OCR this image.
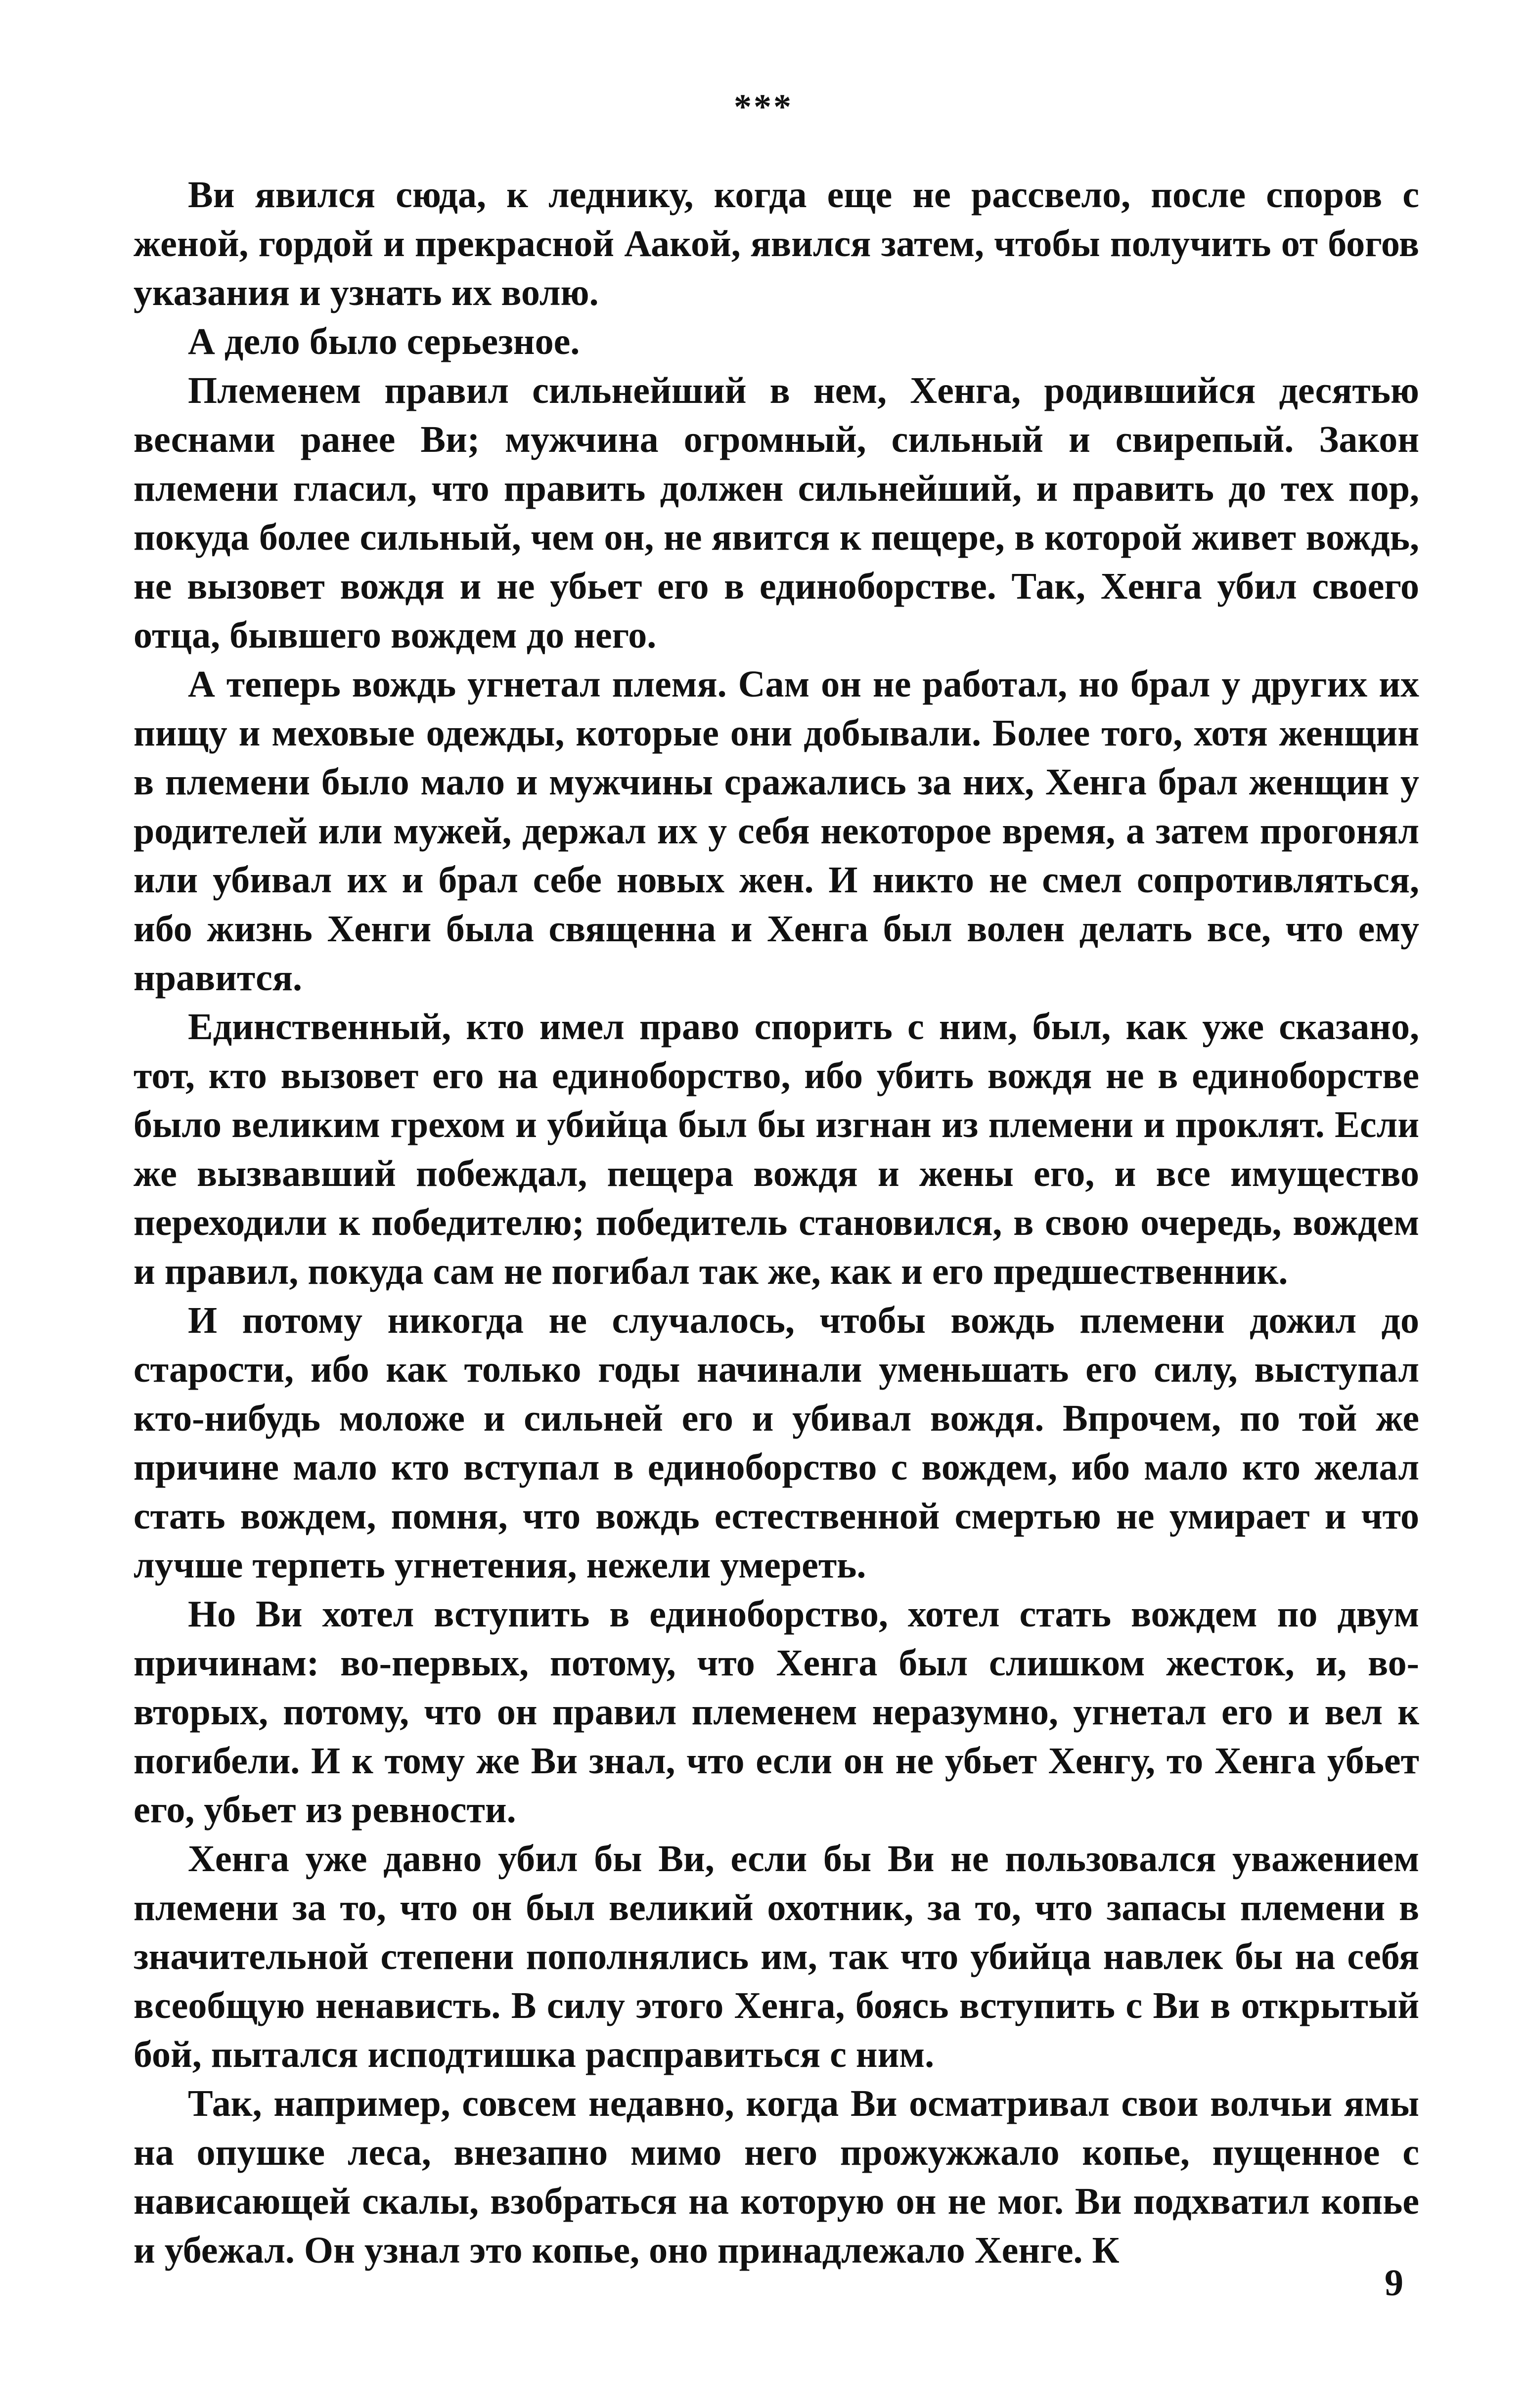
***

Ви явился сюда, к леднику, когда еще не рассвело, после споров с женой, гордой и прекрасной Аакой, явился затем, чтобы получить от богов указания и узнать их волю.

А дело было серьезное.

Племенем правил сильнейший в нем, Хенга, родившийся десятью веснами ранее Ви; мужчина огромный, сильный и свирепый. Закон племени гласил, что править должен сильнейший, и править до тех пор, покуда более сильный, чем он, не явится к пещере, в которой живет вождь, не вызовет вождя и не убьет его в единоборстве. Так, Хенга убил своего отца, бывшего вождем до него.

А теперь вождь угнетал племя. Сам он не работал, но брал у других их пищу и меховые одежды, которые они добывали. Более того, хотя женщин в племени было мало и мужчины сражались за них, Хенга брал женщин у родителей или мужей, держал их у себя некоторое время, а затем прогонял или убивал их и брал себе новых жен. И никто не смел сопротивляться, ибо жизнь Хенги была священна и Хенга был волен делать все, что ему нравится.

Единственный, кто имел право спорить с ним, был, как уже сказано, тот, кто вызовет его на единоборство, ибо убить вождя не в единоборстве было великим грехом и убийца был бы изгнан из племени и проклят. Если же вызвавший побеждал, пещера вождя и жены его, и все имущество переходили к победителю; победитель становился, в свою очередь, вождем и правил, покуда сам не погибал так же, как и его предшественник.

И потому никогда не случалось, чтобы вождь племени дожил до старости, ибо как только годы начинали уменьшать его силу, выступал кто-нибудь моложе и сильней его и убивал вождя. Впрочем, по той же причине мало кто вступал в единоборство с вождем, ибо мало кто желал стать вождем, помня, что вождь естественной смертью не умирает и что лучше терпеть угнетения, нежели умереть.

Но Ви хотел вступить в единоборство, хотел стать вождем по двум причинам: во-первых, потому, что Хенга был слишком жесток, и, во-вторых, потому, что он правил племенем неразумно, угнетал его и вел к погибели. И к тому же Ви знал, что если он не убьет Хенгу, то Хенга убьет его, убьет из ревности.

Хенга уже давно убил бы Ви, если бы Ви не пользовался уважением племени за то, что он был великий охотник, за то, что запасы племени в значительной степени пополнялись им, так что убийца навлек бы на себя всеобщую ненависть. В силу этого Хенга, боясь вступить с Ви в открытый бой, пытался исподтишка расправиться с ним.

Так, например, совсем недавно, когда Ви осматривал свои волчьи ямы на опушке леса, внезапно мимо него прожужжало копье, пущенное с нависающей скалы, взобраться на которую он не мог. Ви подхватил копье и убежал. Он узнал это копье, оно принадлежало Хенге. К

9
